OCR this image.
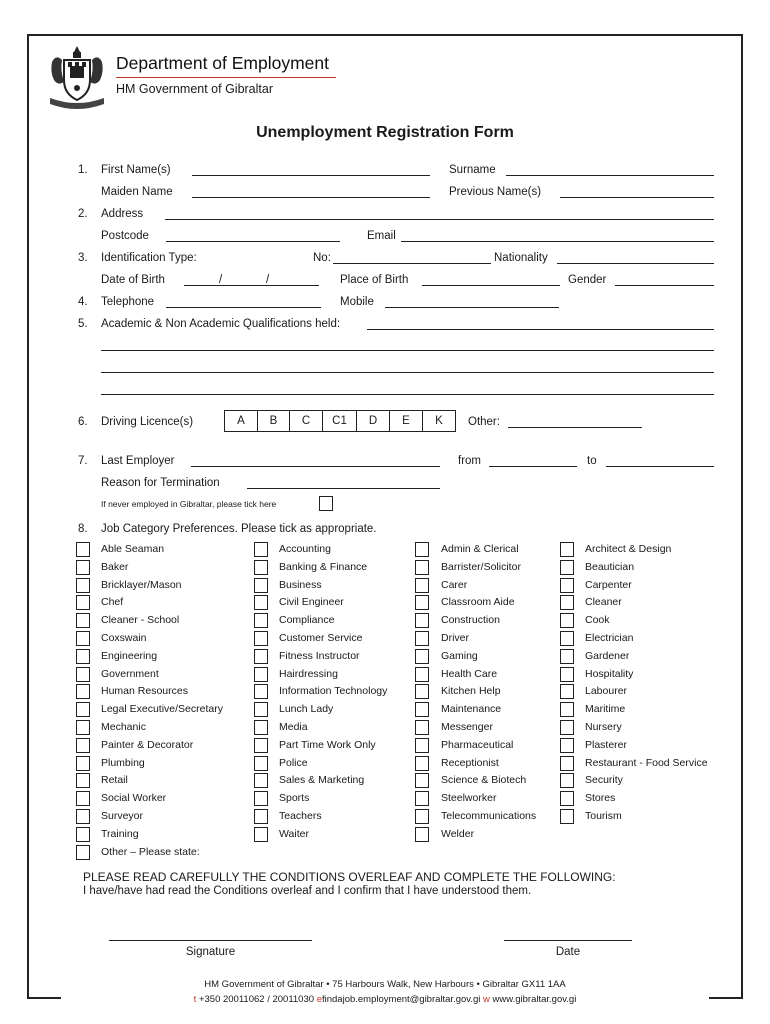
Department of Employment
HM Government of Gibraltar
Unemployment Registration Form
1. First Name(s)	Surname
Maiden Name	Previous Name(s)
2. Address
Postcode	Email
3. Identification Type:	No:	Nationality
Date of Birth	/	/	Place of Birth	Gender
4. Telephone	Mobile
5. Academic & Non Academic Qualifications held:
6. Driving Licence(s)	A	B	C	C1	D	E	K	Other:
7. Last Employer	from	to
Reason for Termination
If never employed in Gibraltar, please tick here
8. Job Category Preferences. Please tick as appropriate.
Able Seaman
Baker
Bricklayer/Mason
Chef
Cleaner - School
Coxswain
Engineering
Government
Human Resources
Legal Executive/Secretary
Mechanic
Painter & Decorator
Plumbing
Retail
Social Worker
Surveyor
Training
Other – Please state:
Accounting
Banking & Finance
Business
Civil Engineer
Compliance
Customer Service
Fitness Instructor
Hairdressing
Information Technology
Lunch Lady
Media
Part Time Work Only
Police
Sales & Marketing
Sports
Teachers
Waiter
Admin & Clerical
Barrister/Solicitor
Carer
Classroom Aide
Construction
Driver
Gaming
Health Care
Kitchen Help
Maintenance
Messenger
Pharmaceutical
Receptionist
Science & Biotech
Steelworker
Telecommunications
Welder
Architect & Design
Beautician
Carpenter
Cleaner
Cook
Electrician
Gardener
Hospitality
Labourer
Maritime
Nursery
Plasterer
Restaurant - Food Service
Security
Stores
Tourism
PLEASE READ CAREFULLY THE CONDITIONS OVERLEAF AND COMPLETE THE FOLLOWING:
I have/have had read the Conditions overleaf and I confirm that I have understood them.
Signature	Date
HM Government of Gibraltar • 75 Harbours Walk, New Harbours • Gibraltar GX11 1AA
t +350 20011062 / 20011030 efindajob.employment@gibraltar.gov.gi w www.gibraltar.gov.gi
